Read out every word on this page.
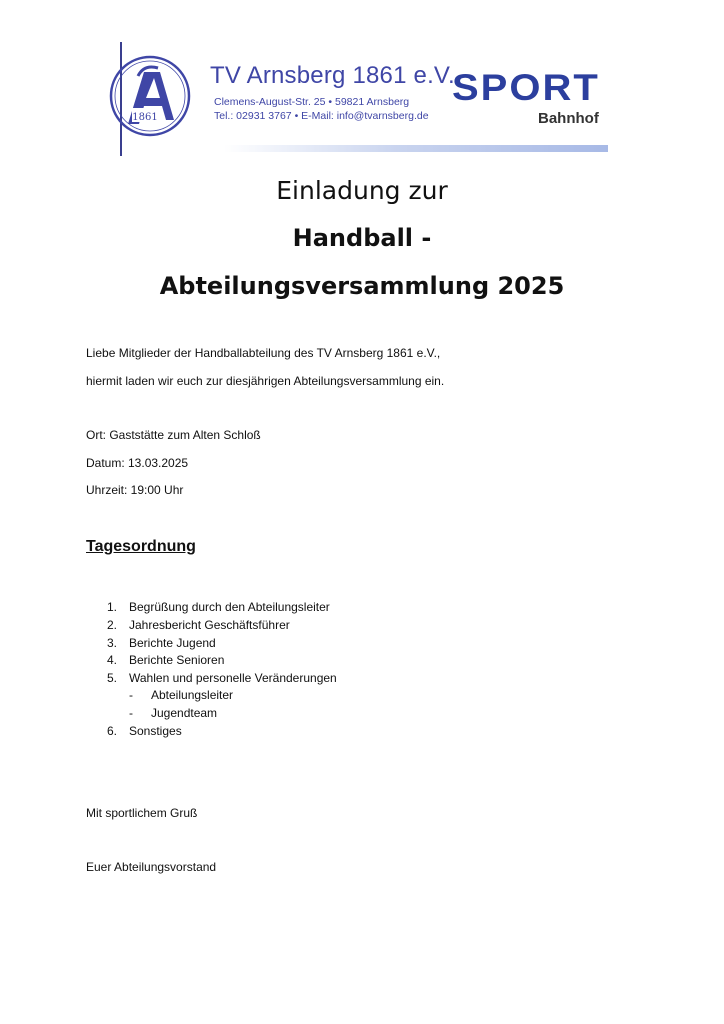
1861
TV Arnsberg 1861 e.V.
Clemens-August-Str. 25 • 59821 Arnsberg
Tel.: 02931 3767 • E-Mail: info@tvarnsberg.de
SPORT
Bahnhof
Einladung zur
Handball -
Abteilungsversammlung 2025
Liebe Mitglieder der Handballabteilung des TV Arnsberg 1861 e.V.,
hiermit laden wir euch zur diesjährigen Abteilungsversammlung ein.
Ort: Gaststätte zum Alten Schloß
Datum: 13.03.2025
Uhrzeit: 19:00 Uhr
Tagesordnung
1. Begrüßung durch den Abteilungsleiter
2. Jahresbericht Geschäftsführer
3. Berichte Jugend
4. Berichte Senioren
5. Wahlen und personelle Veränderungen
- Abteilungsleiter
- Jugendteam
6. Sonstiges
Mit sportlichem Gruß
Euer Abteilungsvorstand
